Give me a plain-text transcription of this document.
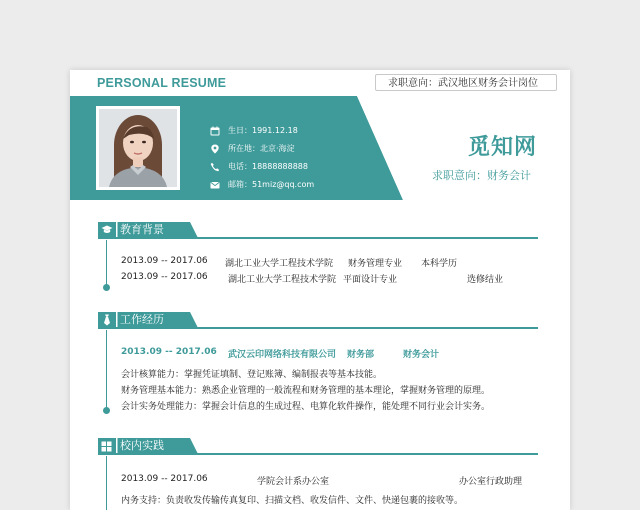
PERSONAL RESUME	求职意向：武汉地区财务会计岗位
生日：1991.12.18
所在地：北京·海淀
电话：18888888888
邮箱：51miz@qq.com
觅知网
求职意向：财务会计
教育背景
2013.09 -- 2017.06 湖北工业大学工程技术学院 财务管理专业 本科学历
2013.09 -- 2017.06 湖北工业大学工程技术学院 平面设计专业	选修结业
工作经历
2013.09 -- 2017.06 武汉云印网络科技有限公司 财务部	财务会计
会计核算能力：掌握凭证填制、登记账簿、编制报表等基本技能。
财务管理基本能力：熟悉企业管理的一般流程和财务管理的基本理论，掌握财务管理的原理。
会计实务处理能力：掌握会计信息的生成过程、电算化软件操作，能处理不同行业会计实务。
校内实践
2013.09 -- 2017.06	学院会计系办公室	办公室行政助理
内务支持：负责收发传输传真复印、扫描文档、收发信件、文件、快递包裹的接收等。
